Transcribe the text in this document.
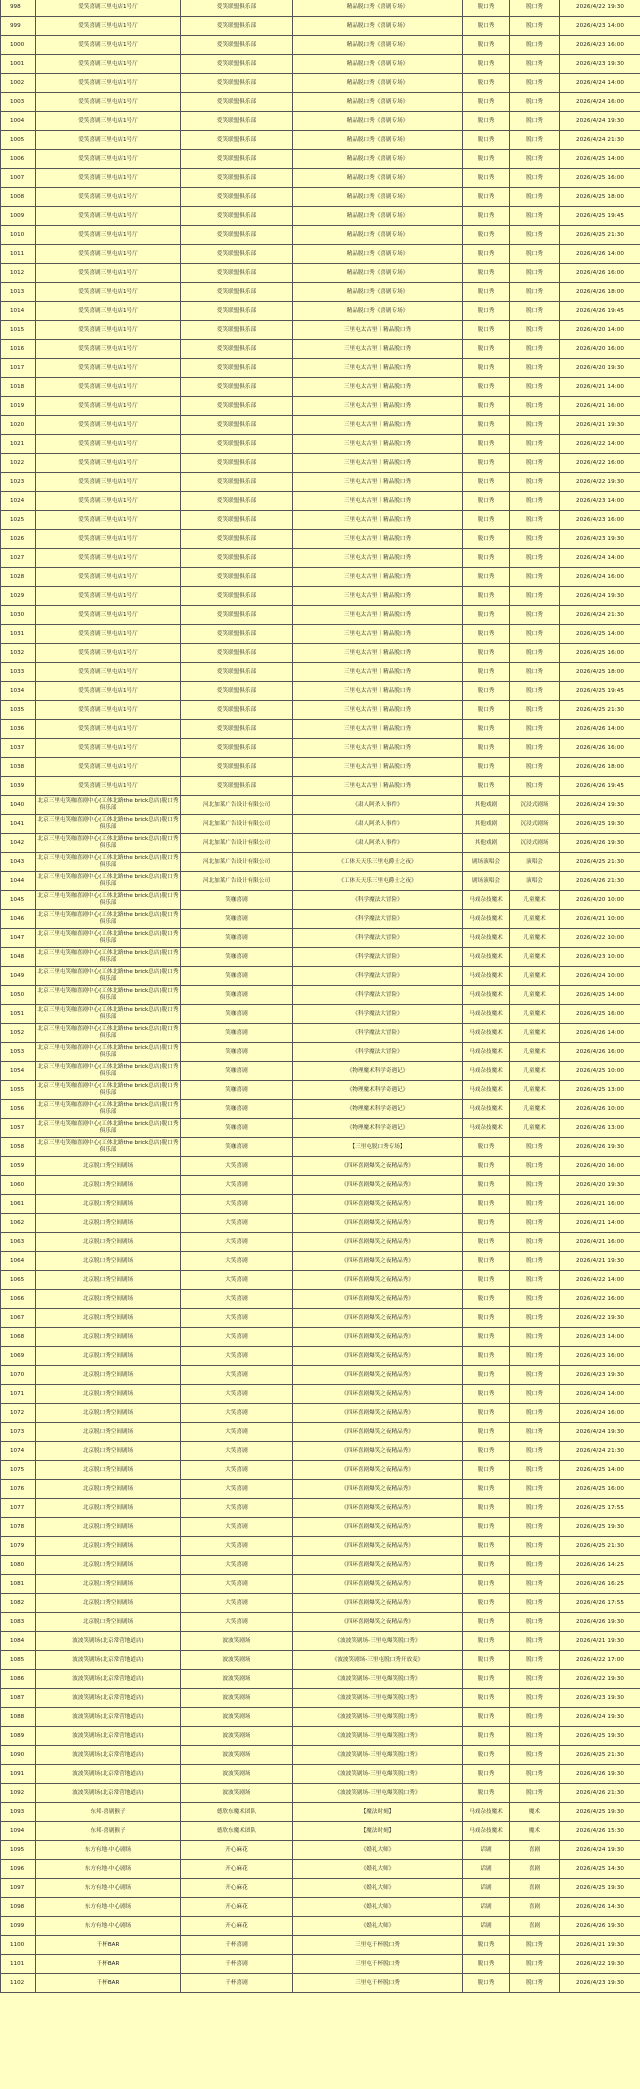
998	爱笑喜剧三里屯店1号厅	爱笑联盟俱乐部	精品脱口秀《喜剧专场》	脱口秀	脱口秀	2026/4/22 19:30
999	爱笑喜剧三里屯店1号厅	爱笑联盟俱乐部	精品脱口秀《喜剧专场》	脱口秀	脱口秀	2026/4/23 14:00
1000	爱笑喜剧三里屯店1号厅	爱笑联盟俱乐部	精品脱口秀《喜剧专场》	脱口秀	脱口秀	2026/4/23 16:00
1001	爱笑喜剧三里屯店1号厅	爱笑联盟俱乐部	精品脱口秀《喜剧专场》	脱口秀	脱口秀	2026/4/23 19:30
1002	爱笑喜剧三里屯店1号厅	爱笑联盟俱乐部	精品脱口秀《喜剧专场》	脱口秀	脱口秀	2026/4/24 14:00
1003	爱笑喜剧三里屯店1号厅	爱笑联盟俱乐部	精品脱口秀《喜剧专场》	脱口秀	脱口秀	2026/4/24 16:00
1004	爱笑喜剧三里屯店1号厅	爱笑联盟俱乐部	精品脱口秀《喜剧专场》	脱口秀	脱口秀	2026/4/24 19:30
1005	爱笑喜剧三里屯店1号厅	爱笑联盟俱乐部	精品脱口秀《喜剧专场》	脱口秀	脱口秀	2026/4/24 21:30
1006	爱笑喜剧三里屯店1号厅	爱笑联盟俱乐部	精品脱口秀《喜剧专场》	脱口秀	脱口秀	2026/4/25 14:00
1007	爱笑喜剧三里屯店1号厅	爱笑联盟俱乐部	精品脱口秀《喜剧专场》	脱口秀	脱口秀	2026/4/25 16:00
1008	爱笑喜剧三里屯店1号厅	爱笑联盟俱乐部	精品脱口秀《喜剧专场》	脱口秀	脱口秀	2026/4/25 18:00
1009	爱笑喜剧三里屯店1号厅	爱笑联盟俱乐部	精品脱口秀《喜剧专场》	脱口秀	脱口秀	2026/4/25 19:45
1010	爱笑喜剧三里屯店1号厅	爱笑联盟俱乐部	精品脱口秀《喜剧专场》	脱口秀	脱口秀	2026/4/25 21:30
1011	爱笑喜剧三里屯店1号厅	爱笑联盟俱乐部	精品脱口秀《喜剧专场》	脱口秀	脱口秀	2026/4/26 14:00
1012	爱笑喜剧三里屯店1号厅	爱笑联盟俱乐部	精品脱口秀《喜剧专场》	脱口秀	脱口秀	2026/4/26 16:00
1013	爱笑喜剧三里屯店1号厅	爱笑联盟俱乐部	精品脱口秀《喜剧专场》	脱口秀	脱口秀	2026/4/26 18:00
1014	爱笑喜剧三里屯店1号厅	爱笑联盟俱乐部	精品脱口秀《喜剧专场》	脱口秀	脱口秀	2026/4/26 19:45
1015	爱笑喜剧三里屯店1号厅	爱笑联盟俱乐部	三里屯太古里｜精品脱口秀	脱口秀	脱口秀	2026/4/20 14:00
1016	爱笑喜剧三里屯店1号厅	爱笑联盟俱乐部	三里屯太古里｜精品脱口秀	脱口秀	脱口秀	2026/4/20 16:00
1017	爱笑喜剧三里屯店1号厅	爱笑联盟俱乐部	三里屯太古里｜精品脱口秀	脱口秀	脱口秀	2026/4/20 19:30
1018	爱笑喜剧三里屯店1号厅	爱笑联盟俱乐部	三里屯太古里｜精品脱口秀	脱口秀	脱口秀	2026/4/21 14:00
1019	爱笑喜剧三里屯店1号厅	爱笑联盟俱乐部	三里屯太古里｜精品脱口秀	脱口秀	脱口秀	2026/4/21 16:00
1020	爱笑喜剧三里屯店1号厅	爱笑联盟俱乐部	三里屯太古里｜精品脱口秀	脱口秀	脱口秀	2026/4/21 19:30
1021	爱笑喜剧三里屯店1号厅	爱笑联盟俱乐部	三里屯太古里｜精品脱口秀	脱口秀	脱口秀	2026/4/22 14:00
1022	爱笑喜剧三里屯店1号厅	爱笑联盟俱乐部	三里屯太古里｜精品脱口秀	脱口秀	脱口秀	2026/4/22 16:00
1023	爱笑喜剧三里屯店1号厅	爱笑联盟俱乐部	三里屯太古里｜精品脱口秀	脱口秀	脱口秀	2026/4/22 19:30
1024	爱笑喜剧三里屯店1号厅	爱笑联盟俱乐部	三里屯太古里｜精品脱口秀	脱口秀	脱口秀	2026/4/23 14:00
1025	爱笑喜剧三里屯店1号厅	爱笑联盟俱乐部	三里屯太古里｜精品脱口秀	脱口秀	脱口秀	2026/4/23 16:00
1026	爱笑喜剧三里屯店1号厅	爱笑联盟俱乐部	三里屯太古里｜精品脱口秀	脱口秀	脱口秀	2026/4/23 19:30
1027	爱笑喜剧三里屯店1号厅	爱笑联盟俱乐部	三里屯太古里｜精品脱口秀	脱口秀	脱口秀	2026/4/24 14:00
1028	爱笑喜剧三里屯店1号厅	爱笑联盟俱乐部	三里屯太古里｜精品脱口秀	脱口秀	脱口秀	2026/4/24 16:00
1029	爱笑喜剧三里屯店1号厅	爱笑联盟俱乐部	三里屯太古里｜精品脱口秀	脱口秀	脱口秀	2026/4/24 19:30
1030	爱笑喜剧三里屯店1号厅	爱笑联盟俱乐部	三里屯太古里｜精品脱口秀	脱口秀	脱口秀	2026/4/24 21:30
1031	爱笑喜剧三里屯店1号厅	爱笑联盟俱乐部	三里屯太古里｜精品脱口秀	脱口秀	脱口秀	2026/4/25 14:00
1032	爱笑喜剧三里屯店1号厅	爱笑联盟俱乐部	三里屯太古里｜精品脱口秀	脱口秀	脱口秀	2026/4/25 16:00
1033	爱笑喜剧三里屯店1号厅	爱笑联盟俱乐部	三里屯太古里｜精品脱口秀	脱口秀	脱口秀	2026/4/25 18:00
1034	爱笑喜剧三里屯店1号厅	爱笑联盟俱乐部	三里屯太古里｜精品脱口秀	脱口秀	脱口秀	2026/4/25 19:45
1035	爱笑喜剧三里屯店1号厅	爱笑联盟俱乐部	三里屯太古里｜精品脱口秀	脱口秀	脱口秀	2026/4/25 21:30
1036	爱笑喜剧三里屯店1号厅	爱笑联盟俱乐部	三里屯太古里｜精品脱口秀	脱口秀	脱口秀	2026/4/26 14:00
1037	爱笑喜剧三里屯店1号厅	爱笑联盟俱乐部	三里屯太古里｜精品脱口秀	脱口秀	脱口秀	2026/4/26 16:00
1038	爱笑喜剧三里屯店1号厅	爱笑联盟俱乐部	三里屯太古里｜精品脱口秀	脱口秀	脱口秀	2026/4/26 18:00
1039	爱笑喜剧三里屯店1号厅	爱笑联盟俱乐部	三里屯太古里｜精品脱口秀	脱口秀	脱口秀	2026/4/26 19:45
1040	北京三里屯笑咖喜剧中心(工体北路the brick总店)脱口秀俱乐部	河北加莱广告设计有限公司	《肃人阿杀人事件》	其他戏剧	沉浸式剧场	2026/4/24 19:30
1041	北京三里屯笑咖喜剧中心(工体北路the brick总店)脱口秀俱乐部	河北加莱广告设计有限公司	《肃人阿杀人事件》	其他戏剧	沉浸式剧场	2026/4/25 19:30
1042	北京三里屯笑咖喜剧中心(工体北路the brick总店)脱口秀俱乐部	河北加莱广告设计有限公司	《肃人阿杀人事件》	其他戏剧	沉浸式剧场	2026/4/26 19:30
1043	北京三里屯笑咖喜剧中心(工体北路the brick总店)脱口秀俱乐部	河北加莱广告设计有限公司	《工体天天乐三里屯爵士之夜》	剧场演唱会	演唱会	2026/4/25 21:30
1044	北京三里屯笑咖喜剧中心(工体北路the brick总店)脱口秀俱乐部	河北加莱广告设计有限公司	《工体天天乐三里屯爵士之夜》	剧场演唱会	演唱会	2026/4/26 21:30
1045	北京三里屯笑咖喜剧中心(工体北路the brick总店)脱口秀俱乐部	笑咖喜剧	《科学魔法大冒险》	马戏杂技魔术	儿童魔术	2026/4/20 10:00
1046	北京三里屯笑咖喜剧中心(工体北路the brick总店)脱口秀俱乐部	笑咖喜剧	《科学魔法大冒险》	马戏杂技魔术	儿童魔术	2026/4/21 10:00
1047	北京三里屯笑咖喜剧中心(工体北路the brick总店)脱口秀俱乐部	笑咖喜剧	《科学魔法大冒险》	马戏杂技魔术	儿童魔术	2026/4/22 10:00
1048	北京三里屯笑咖喜剧中心(工体北路the brick总店)脱口秀俱乐部	笑咖喜剧	《科学魔法大冒险》	马戏杂技魔术	儿童魔术	2026/4/23 10:00
1049	北京三里屯笑咖喜剧中心(工体北路the brick总店)脱口秀俱乐部	笑咖喜剧	《科学魔法大冒险》	马戏杂技魔术	儿童魔术	2026/4/24 10:00
1050	北京三里屯笑咖喜剧中心(工体北路the brick总店)脱口秀俱乐部	笑咖喜剧	《科学魔法大冒险》	马戏杂技魔术	儿童魔术	2026/4/25 14:00
1051	北京三里屯笑咖喜剧中心(工体北路the brick总店)脱口秀俱乐部	笑咖喜剧	《科学魔法大冒险》	马戏杂技魔术	儿童魔术	2026/4/25 16:00
1052	北京三里屯笑咖喜剧中心(工体北路the brick总店)脱口秀俱乐部	笑咖喜剧	《科学魔法大冒险》	马戏杂技魔术	儿童魔术	2026/4/26 14:00
1053	北京三里屯笑咖喜剧中心(工体北路the brick总店)脱口秀俱乐部	笑咖喜剧	《科学魔法大冒险》	马戏杂技魔术	儿童魔术	2026/4/26 16:00
1054	北京三里屯笑咖喜剧中心(工体北路the brick总店)脱口秀俱乐部	笑咖喜剧	《物理魔术科学奇遇记》	马戏杂技魔术	儿童魔术	2026/4/25 10:00
1055	北京三里屯笑咖喜剧中心(工体北路the brick总店)脱口秀俱乐部	笑咖喜剧	《物理魔术科学奇遇记》	马戏杂技魔术	儿童魔术	2026/4/25 13:00
1056	北京三里屯笑咖喜剧中心(工体北路the brick总店)脱口秀俱乐部	笑咖喜剧	《物理魔术科学奇遇记》	马戏杂技魔术	儿童魔术	2026/4/26 10:00
1057	北京三里屯笑咖喜剧中心(工体北路the brick总店)脱口秀俱乐部	笑咖喜剧	《物理魔术科学奇遇记》	马戏杂技魔术	儿童魔术	2026/4/26 13:00
1058	北京三里屯笑咖喜剧中心(工体北路the brick总店)脱口秀俱乐部	笑咖喜剧	【三里屯脱口秀专场】	脱口秀	脱口秀	2026/4/26 19:30
1059	北京脱口秀空间剧场	大笑喜剧	《四环喜剧爆笑之夜精品秀》	脱口秀	脱口秀	2026/4/20 16:00
1060	北京脱口秀空间剧场	大笑喜剧	《四环喜剧爆笑之夜精品秀》	脱口秀	脱口秀	2026/4/20 19:30
1061	北京脱口秀空间剧场	大笑喜剧	《四环喜剧爆笑之夜精品秀》	脱口秀	脱口秀	2026/4/21 16:00
1062	北京脱口秀空间剧场	大笑喜剧	《四环喜剧爆笑之夜精品秀》	脱口秀	脱口秀	2026/4/21 14:00
1063	北京脱口秀空间剧场	大笑喜剧	《四环喜剧爆笑之夜精品秀》	脱口秀	脱口秀	2026/4/21 16:00
1064	北京脱口秀空间剧场	大笑喜剧	《四环喜剧爆笑之夜精品秀》	脱口秀	脱口秀	2026/4/21 19:30
1065	北京脱口秀空间剧场	大笑喜剧	《四环喜剧爆笑之夜精品秀》	脱口秀	脱口秀	2026/4/22 14:00
1066	北京脱口秀空间剧场	大笑喜剧	《四环喜剧爆笑之夜精品秀》	脱口秀	脱口秀	2026/4/22 16:00
1067	北京脱口秀空间剧场	大笑喜剧	《四环喜剧爆笑之夜精品秀》	脱口秀	脱口秀	2026/4/22 19:30
1068	北京脱口秀空间剧场	大笑喜剧	《四环喜剧爆笑之夜精品秀》	脱口秀	脱口秀	2026/4/23 14:00
1069	北京脱口秀空间剧场	大笑喜剧	《四环喜剧爆笑之夜精品秀》	脱口秀	脱口秀	2026/4/23 16:00
1070	北京脱口秀空间剧场	大笑喜剧	《四环喜剧爆笑之夜精品秀》	脱口秀	脱口秀	2026/4/23 19:30
1071	北京脱口秀空间剧场	大笑喜剧	《四环喜剧爆笑之夜精品秀》	脱口秀	脱口秀	2026/4/24 14:00
1072	北京脱口秀空间剧场	大笑喜剧	《四环喜剧爆笑之夜精品秀》	脱口秀	脱口秀	2026/4/24 16:00
1073	北京脱口秀空间剧场	大笑喜剧	《四环喜剧爆笑之夜精品秀》	脱口秀	脱口秀	2026/4/24 19:30
1074	北京脱口秀空间剧场	大笑喜剧	《四环喜剧爆笑之夜精品秀》	脱口秀	脱口秀	2026/4/24 21:30
1075	北京脱口秀空间剧场	大笑喜剧	《四环喜剧爆笑之夜精品秀》	脱口秀	脱口秀	2026/4/25 14:00
1076	北京脱口秀空间剧场	大笑喜剧	《四环喜剧爆笑之夜精品秀》	脱口秀	脱口秀	2026/4/25 16:00
1077	北京脱口秀空间剧场	大笑喜剧	《四环喜剧爆笑之夜精品秀》	脱口秀	脱口秀	2026/4/25 17:55
1078	北京脱口秀空间剧场	大笑喜剧	《四环喜剧爆笑之夜精品秀》	脱口秀	脱口秀	2026/4/25 19:30
1079	北京脱口秀空间剧场	大笑喜剧	《四环喜剧爆笑之夜精品秀》	脱口秀	脱口秀	2026/4/25 21:30
1080	北京脱口秀空间剧场	大笑喜剧	《四环喜剧爆笑之夜精品秀》	脱口秀	脱口秀	2026/4/26 14:25
1081	北京脱口秀空间剧场	大笑喜剧	《四环喜剧爆笑之夜精品秀》	脱口秀	脱口秀	2026/4/26 16:25
1082	北京脱口秀空间剧场	大笑喜剧	《四环喜剧爆笑之夜精品秀》	脱口秀	脱口秀	2026/4/26 17:55
1083	北京脱口秀空间剧场	大笑喜剧	《四环喜剧爆笑之夜精品秀》	脱口秀	脱口秀	2026/4/26 19:30
1084	波波笑剧场(北京常营地道店)	波波笑剧场	《波波笑剧场-三里屯爆笑脱口秀》	脱口秀	脱口秀	2026/4/21 19:30
1085	波波笑剧场(北京常营地道店)	波波笑剧场	《波波笑剧场-三里屯脱口秀开放麦》	脱口秀	脱口秀	2026/4/22 17:00
1086	波波笑剧场(北京常营地道店)	波波笑剧场	《波波笑剧场-三里屯爆笑脱口秀》	脱口秀	脱口秀	2026/4/22 19:30
1087	波波笑剧场(北京常营地道店)	波波笑剧场	《波波笑剧场-三里屯爆笑脱口秀》	脱口秀	脱口秀	2026/4/23 19:30
1088	波波笑剧场(北京常营地道店)	波波笑剧场	《波波笑剧场-三里屯爆笑脱口秀》	脱口秀	脱口秀	2026/4/24 19:30
1089	波波笑剧场(北京常营地道店)	波波笑剧场	《波波笑剧场-三里屯爆笑脱口秀》	脱口秀	脱口秀	2026/4/25 19:30
1090	波波笑剧场(北京常营地道店)	波波笑剧场	《波波笑剧场-三里屯爆笑脱口秀》	脱口秀	脱口秀	2026/4/25 21:30
1091	波波笑剧场(北京常营地道店)	波波笑剧场	《波波笑剧场-三里屯爆笑脱口秀》	脱口秀	脱口秀	2026/4/26 19:30
1092	波波笑剧场(北京常营地道店)	波波笑剧场	《波波笑剧场-三里屯爆笑脱口秀》	脱口秀	脱口秀	2026/4/26 21:30
1093	东邦·喜剧猴子	德欣东魔术团队	【魔法时刻】	马戏杂技魔术	魔术	2026/4/25 19:30
1094	东邦·喜剧猴子	德欣东魔术团队	【魔法时刻】	马戏杂技魔术	魔术	2026/4/26 15:30
1095	东方有地·中心剧场	开心麻花	《婚礼大师》	话剧	喜剧	2026/4/24 19:30
1096	东方有地·中心剧场	开心麻花	《婚礼大师》	话剧	喜剧	2026/4/25 14:30
1097	东方有地·中心剧场	开心麻花	《婚礼大师》	话剧	喜剧	2026/4/25 19:30
1098	东方有地·中心剧场	开心麻花	《婚礼大师》	话剧	喜剧	2026/4/26 14:30
1099	东方有地·中心剧场	开心麻花	《婚礼大师》	话剧	喜剧	2026/4/26 19:30
1100	千杯BAR	千杯喜剧	三里屯千杯脱口秀	脱口秀	脱口秀	2026/4/21 19:30
1101	千杯BAR	千杯喜剧	三里屯千杯脱口秀	脱口秀	脱口秀	2026/4/22 19:30
1102	千杯BAR	千杯喜剧	三里屯千杯脱口秀	脱口秀	脱口秀	2026/4/23 19:30
